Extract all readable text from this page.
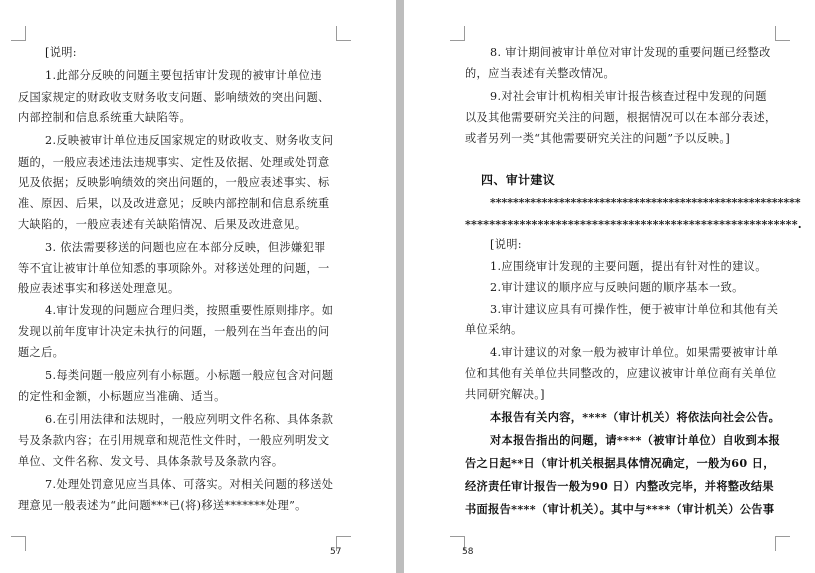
[说明:
1.此部分反映的问题主要包括审计发现的被审计单位违
反国家规定的财政收支财务收支问题、影响绩效的突出问题、
内部控制和信息系统重大缺陷等。
2.反映被审计单位违反国家规定的财政收支、财务收支问
题的，一般应表述违法违规事实、定性及依据、处理或处罚意
见及依据；反映影响绩效的突出问题的，一般应表述事实、标
准、原因、后果，以及改进意见；反映内部控制和信息系统重
大缺陷的，一般应表述有关缺陷情况、后果及改进意见。
3. 依法需要移送的问题也应在本部分反映，但涉嫌犯罪
等不宜让被审计单位知悉的事项除外。对移送处理的问题，一
般应表述事实和移送处理意见。
4.审计发现的问题应合理归类，按照重要性原则排序。如
发现以前年度审计决定未执行的问题，一般列在当年查出的问
题之后。
5.每类问题一般应列有小标题。小标题一般应包含对问题
的定性和金额，小标题应当准确、适当。
6.在引用法律和法规时，一般应列明文件名称、具体条款
号及条款内容；在引用规章和规范性文件时，一般应列明发文
单位、文件名称、发文号、具体条款号及条款内容。
7.处理处罚意见应当具体、可落实。对相关问题的移送处
理意见一般表述为“此问题***已(将)移送*******处理”。
57
8. 审计期间被审计单位对审计发现的重要问题已经整改
的，应当表述有关整改情况。
9.对社会审计机构相关审计报告核查过程中发现的问题
以及其他需要研究关注的问题，根据情况可以在本部分表述，
或者另列一类“其他需要研究关注的问题”予以反映。]
四、审计建议
******************************************************
*******************************************************.
[说明:
1.应围绕审计发现的主要问题，提出有针对性的建议。
2.审计建议的顺序应与反映问题的顺序基本一致。
3.审计建议应具有可操作性，便于被审计单位和其他有关
单位采纳。
4.审计建议的对象一般为被审计单位。如果需要被审计单
位和其他有关单位共同整改的，应建议被审计单位商有关单位
共同研究解决。]
本报告有关内容，****（审计机关）将依法向社会公告。
对本报告指出的问题，请****（被审计单位）自收到本报
告之日起**日（审计机关根据具体情况确定，一般为60 日，
经济责任审计报告一般为90 日）内整改完毕，并将整改结果
书面报告****（审计机关）。其中与****（审计机关）公告事
58
